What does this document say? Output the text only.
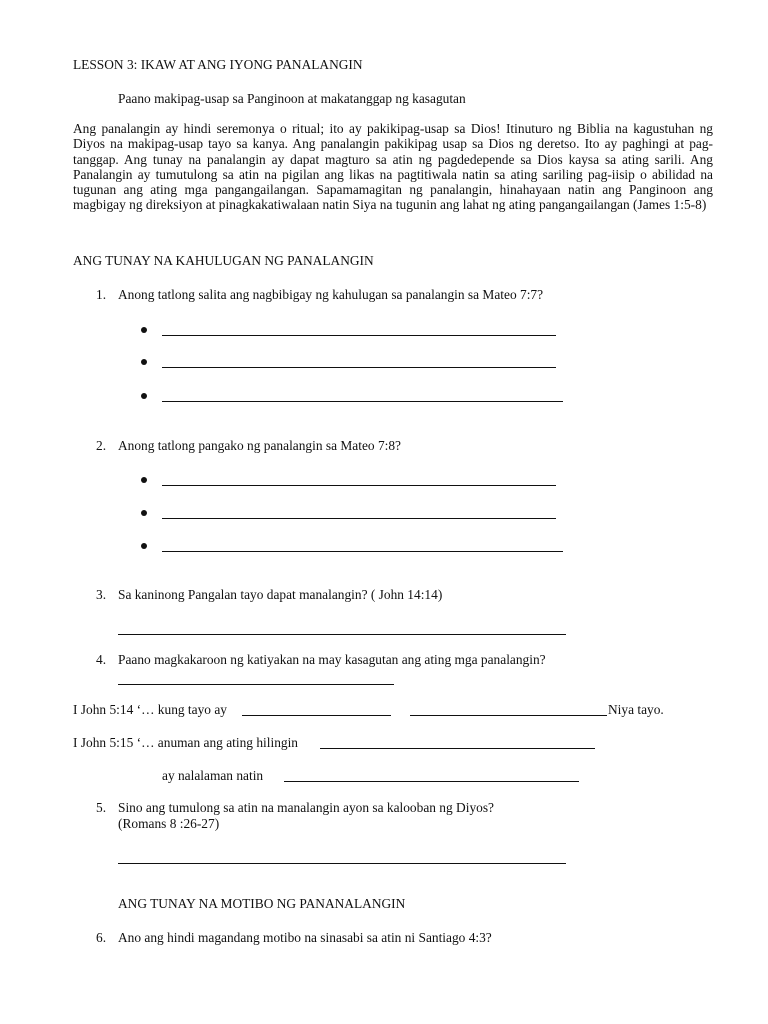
LESSON 3: IKAW AT ANG IYONG PANALANGIN
Paano makipag-usap sa Panginoon at makatanggap ng kasagutan
Ang panalangin ay hindi seremonya o ritual; ito ay pakikipag-usap sa Dios! Itinuturo ng Biblia na kagustuhan ng Diyos na makipag-usap tayo sa kanya. Ang panalangin pakikipag usap sa Dios ng deretso. Ito ay paghingi at pag-tanggap. Ang tunay na panalangin ay dapat magturo sa atin ng pagdedepende sa Dios kaysa sa ating sarili. Ang Panalangin ay tumutulong sa atin na pigilan ang likas na pagtitiwala natin sa ating sariling pag-iisip o abilidad na tugunan ang ating mga pangangailangan. Sapamamagitan ng panalangin, hinahayaan natin ang Panginoon ang magbigay ng direksiyon at pinagkakatiwalaan natin Siya na tugunin ang lahat ng ating pangangailangan (James 1:5-8)
ANG TUNAY NA KAHULUGAN NG PANALANGIN
1. Anong tatlong salita ang nagbibigay ng kahulugan sa panalangin sa Mateo 7:7?
2. Anong tatlong pangako ng panalangin sa Mateo 7:8?
3. Sa kaninong Pangalan tayo dapat manalangin? ( John 14:14)
4. Paano magkakaroon ng katiyakan na may kasagutan ang ating mga panalangin?
I John 5:14 ‘… kung tayo ay	Niya tayo.
I John 5:15 ‘… anuman ang ating hilingin
ay nalalaman natin
5. Sino ang tumulong sa atin na manalangin ayon sa kalooban ng Diyos?
(Romans 8 :26-27)
ANG TUNAY NA MOTIBO NG PANANALANGIN
6. Ano ang hindi magandang motibo na sinasabi sa atin ni Santiago 4:3?
